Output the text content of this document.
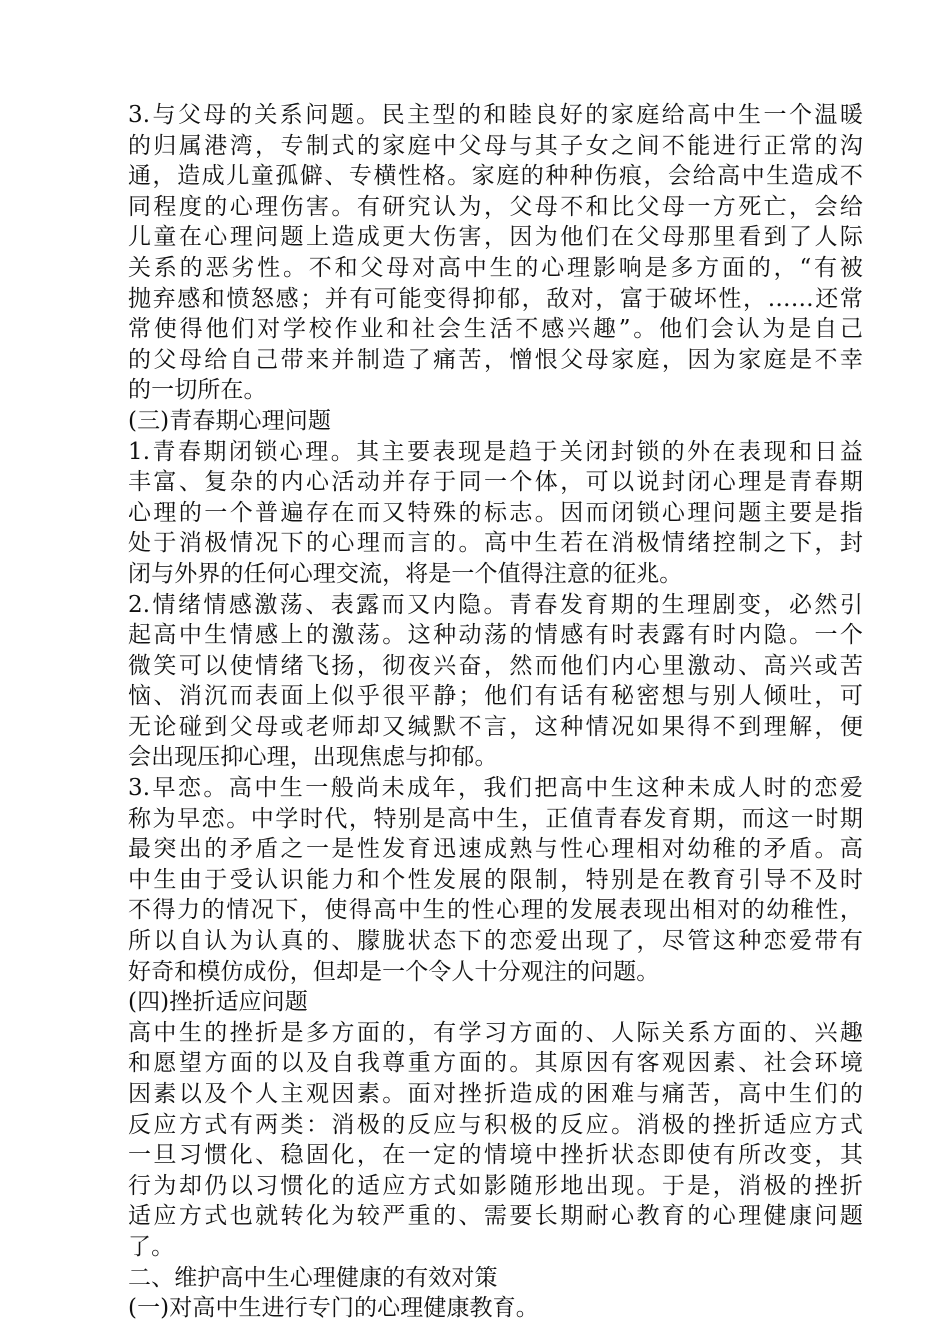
3.与父母的关系问题。民主型的和睦良好的家庭给高中生一个温暖
的归属港湾，专制式的家庭中父母与其子女之间不能进行正常的沟
通，造成儿童孤僻、专横性格。家庭的种种伤痕，会给高中生造成不
同程度的心理伤害。有研究认为，父母不和比父母一方死亡，会给
儿童在心理问题上造成更大伤害，因为他们在父母那里看到了人际
关系的恶劣性。不和父母对高中生的心理影响是多方面的，“有被
抛弃感和愤怒感；并有可能变得抑郁，敌对，富于破坏性，……还常
常使得他们对学校作业和社会生活不感兴趣”。他们会认为是自己
的父母给自己带来并制造了痛苦，憎恨父母家庭，因为家庭是不幸
的一切所在。
(三)青春期心理问题
1.青春期闭锁心理。其主要表现是趋于关闭封锁的外在表现和日益
丰富、复杂的内心活动并存于同一个体，可以说封闭心理是青春期
心理的一个普遍存在而又特殊的标志。因而闭锁心理问题主要是指
处于消极情况下的心理而言的。高中生若在消极情绪控制之下，封
闭与外界的任何心理交流，将是一个值得注意的征兆。
2.情绪情感激荡、表露而又内隐。青春发育期的生理剧变，必然引
起高中生情感上的激荡。这种动荡的情感有时表露有时内隐。一个
微笑可以使情绪飞扬，彻夜兴奋，然而他们内心里激动、高兴或苦
恼、消沉而表面上似乎很平静；他们有话有秘密想与别人倾吐，可
无论碰到父母或老师却又缄默不言，这种情况如果得不到理解，便
会出现压抑心理，出现焦虑与抑郁。
3.早恋。高中生一般尚未成年，我们把高中生这种未成人时的恋爱
称为早恋。中学时代，特别是高中生，正值青春发育期，而这一时期
最突出的矛盾之一是性发育迅速成熟与性心理相对幼稚的矛盾。高
中生由于受认识能力和个性发展的限制，特别是在教育引导不及时
不得力的情况下，使得高中生的性心理的发展表现出相对的幼稚性，
所以自认为认真的、朦胧状态下的恋爱出现了，尽管这种恋爱带有
好奇和模仿成份，但却是一个令人十分观注的问题。
(四)挫折适应问题
高中生的挫折是多方面的，有学习方面的、人际关系方面的、兴趣
和愿望方面的以及自我尊重方面的。其原因有客观因素、社会环境
因素以及个人主观因素。面对挫折造成的困难与痛苦，高中生们的
反应方式有两类：消极的反应与积极的反应。消极的挫折适应方式
一旦习惯化、稳固化，在一定的情境中挫折状态即使有所改变，其
行为却仍以习惯化的适应方式如影随形地出现。于是，消极的挫折
适应方式也就转化为较严重的、需要长期耐心教育的心理健康问题
了。
二、维护高中生心理健康的有效对策
(一)对高中生进行专门的心理健康教育。
